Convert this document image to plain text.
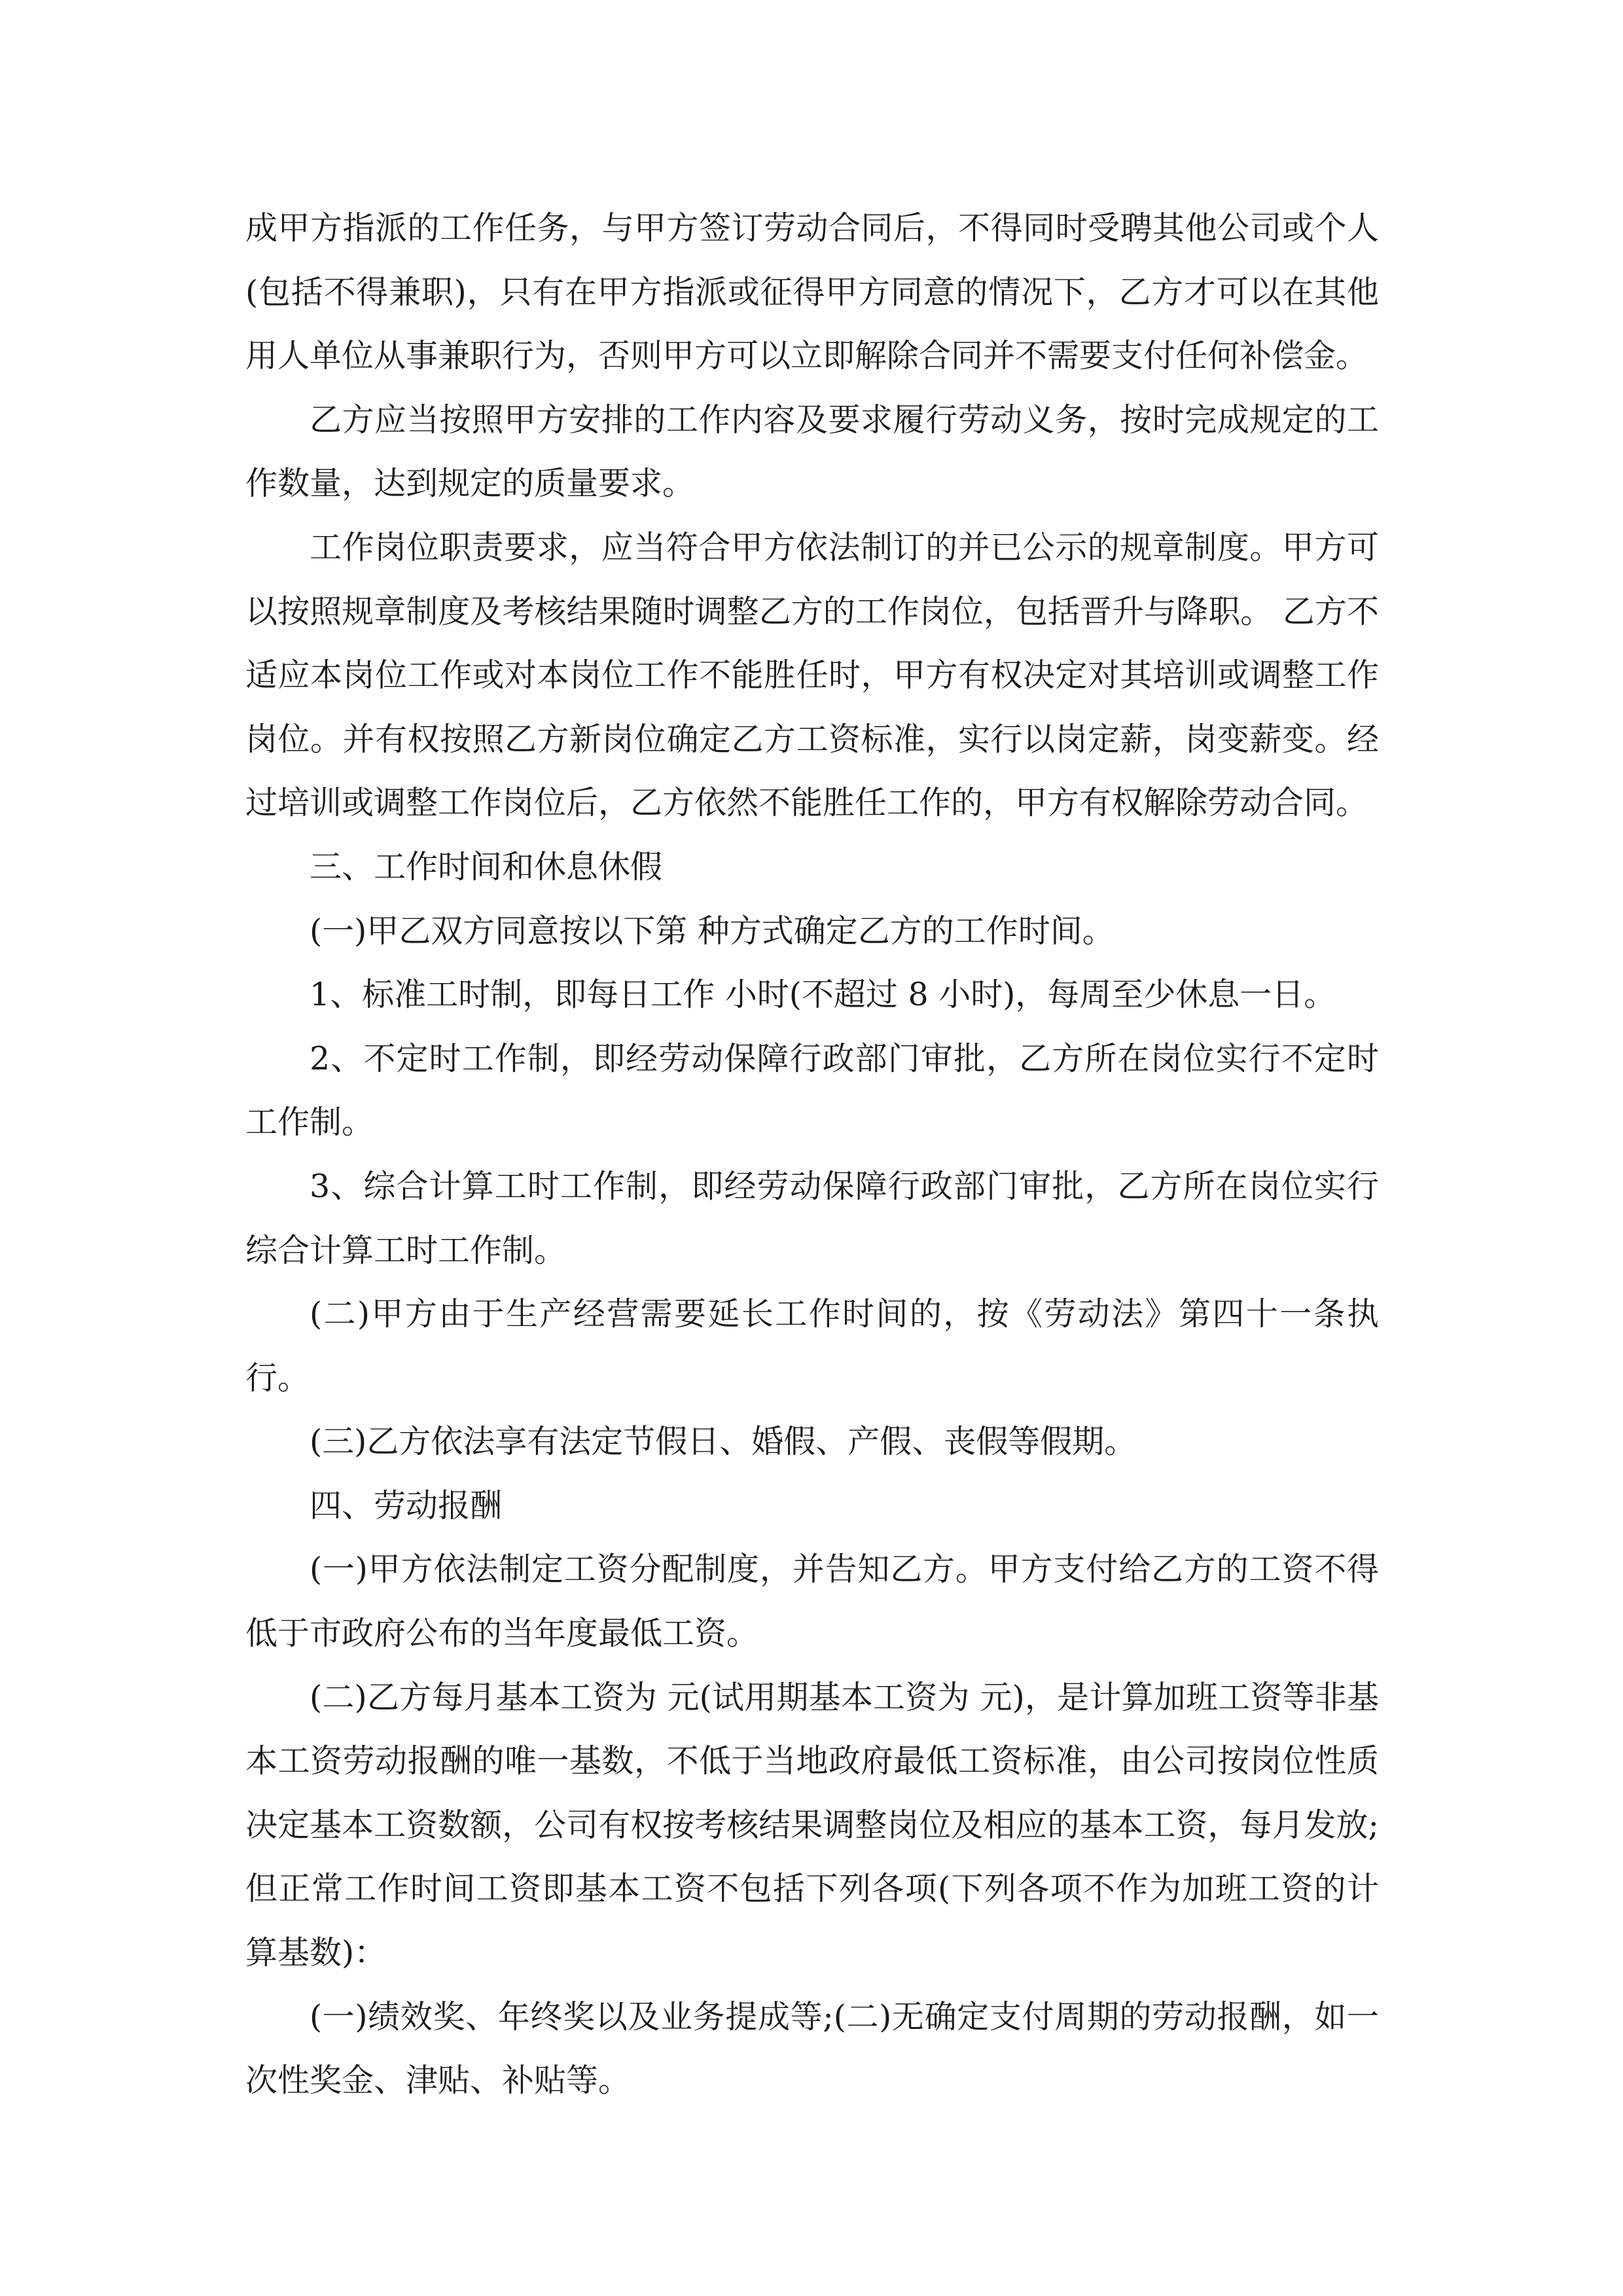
成甲方指派的工作任务，与甲方签订劳动合同后，不得同时受聘其他公司或个人(包括不得兼职)，只有在甲方指派或征得甲方同意的情况下，乙方才可以在其他用人单位从事兼职行为，否则甲方可以立即解除合同并不需要支付任何补偿金。

乙方应当按照甲方安排的工作内容及要求履行劳动义务，按时完成规定的工作数量，达到规定的质量要求。

工作岗位职责要求，应当符合甲方依法制订的并已公示的规章制度。甲方可以按照规章制度及考核结果随时调整乙方的工作岗位，包括晋升与降职。 乙方不适应本岗位工作或对本岗位工作不能胜任时，甲方有权决定对其培训或调整工作岗位。并有权按照乙方新岗位确定乙方工资标准，实行以岗定薪，岗变薪变。经过培训或调整工作岗位后，乙方依然不能胜任工作的，甲方有权解除劳动合同。

三、工作时间和休息休假

(一)甲乙双方同意按以下第 种方式确定乙方的工作时间。

1、标准工时制，即每日工作 小时(不超过 8 小时)，每周至少休息一日。

2、不定时工作制，即经劳动保障行政部门审批，乙方所在岗位实行不定时工作制。

3、综合计算工时工作制，即经劳动保障行政部门审批，乙方所在岗位实行综合计算工时工作制。

(二)甲方由于生产经营需要延长工作时间的，按《劳动法》第四十一条执行。

(三)乙方依法享有法定节假日、婚假、产假、丧假等假期。

四、劳动报酬

(一)甲方依法制定工资分配制度，并告知乙方。甲方支付给乙方的工资不得低于市政府公布的当年度最低工资。

(二)乙方每月基本工资为 元(试用期基本工资为 元)，是计算加班工资等非基本工资劳动报酬的唯一基数，不低于当地政府最低工资标准，由公司按岗位性质决定基本工资数额，公司有权按考核结果调整岗位及相应的基本工资，每月发放;但正常工作时间工资即基本工资不包括下列各项(下列各项不作为加班工资的计算基数)：

(一)绩效奖、年终奖以及业务提成等;(二)无确定支付周期的劳动报酬，如一次性奖金、津贴、补贴等。
